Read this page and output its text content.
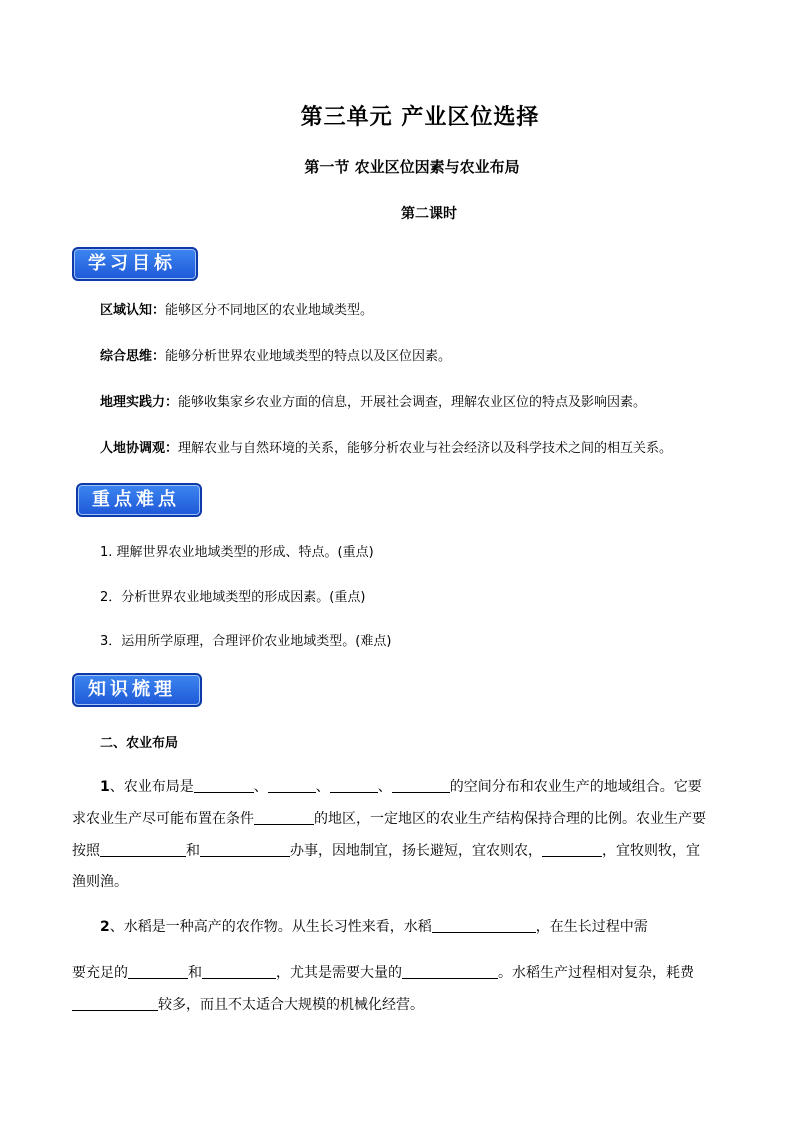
第三单元 产业区位选择
第一节 农业区位因素与农业布局
第二课时
学习目标
区域认知：能够区分不同地区的农业地域类型。
综合思维：能够分析世界农业地域类型的特点以及区位因素。
地理实践力：能够收集家乡农业方面的信息，开展社会调查，理解农业区位的特点及影响因素。
人地协调观：理解农业与自然环境的关系，能够分析农业与社会经济以及科学技术之间的相互关系。
重点难点
1. 理解世界农业地域类型的形成、特点。(重点)
2．分析世界农业地域类型的形成因素。(重点)
3．运用所学原理，合理评价农业地域类型。(难点)
知识梳理
二、农业布局
1、农业布局是	、	、	、	的空间分布和农业生产的地域组合。它要
求农业生产尽可能布置在条件	的地区，一定地区的农业生产结构保持合理的比例。农业生产要
按照	和	办事，因地制宜，扬长避短，宜农则农，	，宜牧则牧，宜
渔则渔。
2、水稻是一种高产的农作物。从生长习性来看，水稻	，在生长过程中需
要充足的	和	，尤其是需要大量的	。水稻生产过程相对复杂，耗费
较多，而且不太适合大规模的机械化经营。
